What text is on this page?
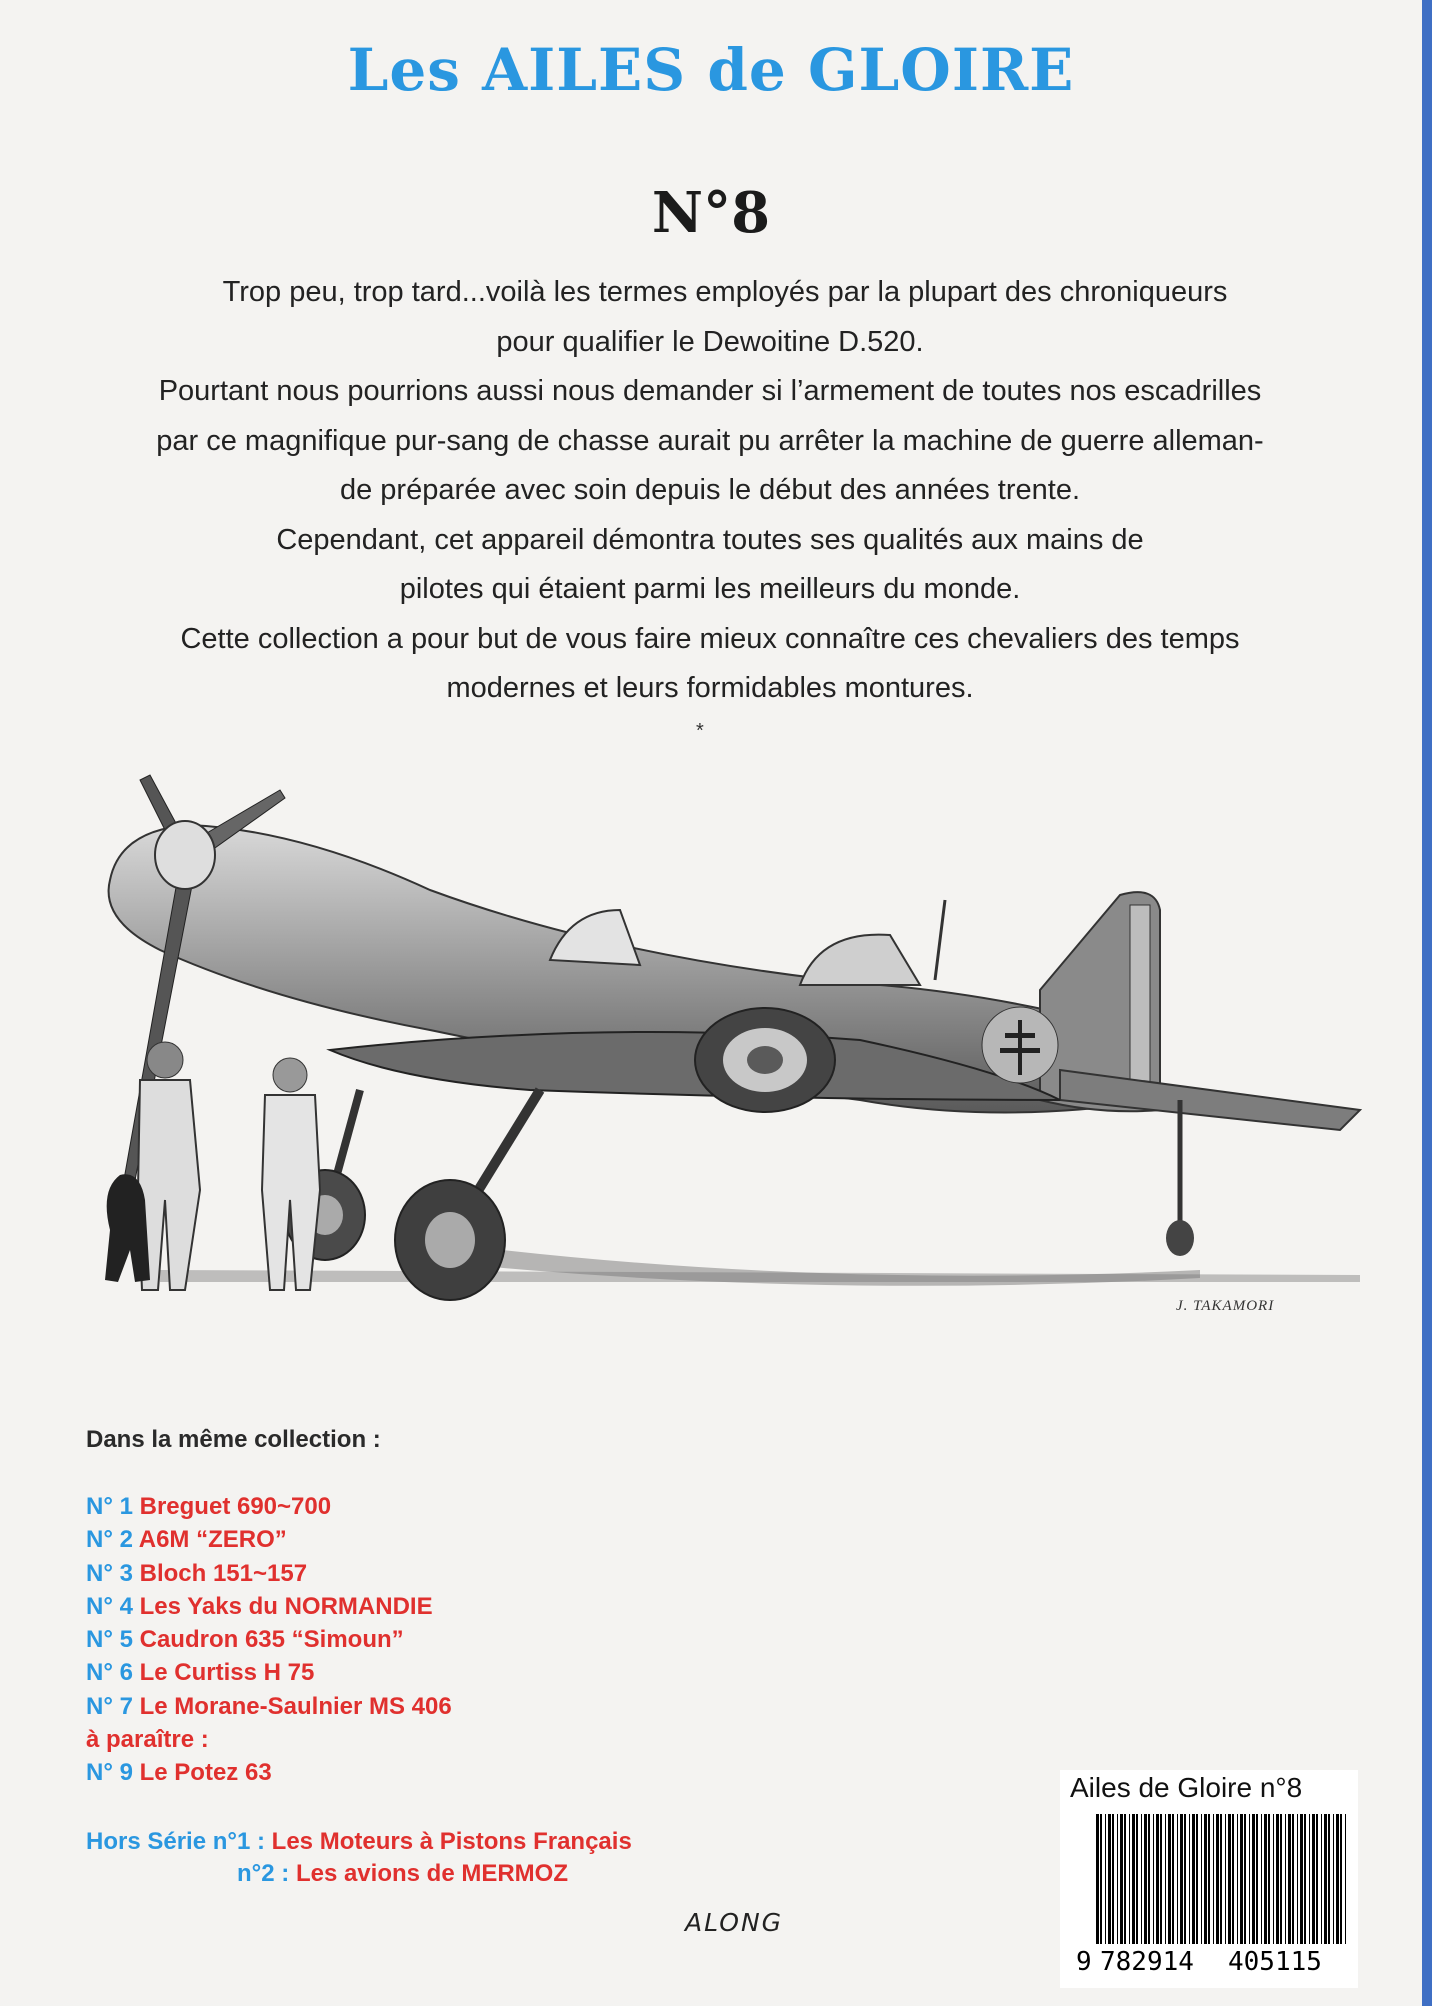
Les AILES de GLOIRE
N°8
Trop peu, trop tard...voilà les termes employés par la plupart des chroniqueurs
pour qualifier le Dewoitine D.520.
Pourtant nous pourrions aussi nous demander si l’armement de toutes nos escadrilles
par ce magnifique pur-sang de chasse aurait pu arrêter la machine de guerre alleman-
de préparée avec soin depuis le début des années trente.
Cependant, cet appareil démontra toutes ses qualités aux mains de
pilotes qui étaient parmi les meilleurs du monde.
Cette collection a pour but de vous faire mieux connaître ces chevaliers des temps
modernes et leurs formidables montures.
*
J. TAKAMORI
Dans la même collection :
N° 1 Breguet 690~700
N° 2 A6M “ZERO”
N° 3 Bloch 151~157
N° 4 Les Yaks du NORMANDIE
N° 5 Caudron 635 “Simoun”
N° 6 Le Curtiss H 75
N° 7 Le Morane-Saulnier MS 406
à paraître :
N° 9 Le Potez 63
Hors Série n°1 : Les Moteurs à Pistons Français
n°2 : Les avions de MERMOZ
ALONG
Ailes de Gloire n°8
9 782914 405115
